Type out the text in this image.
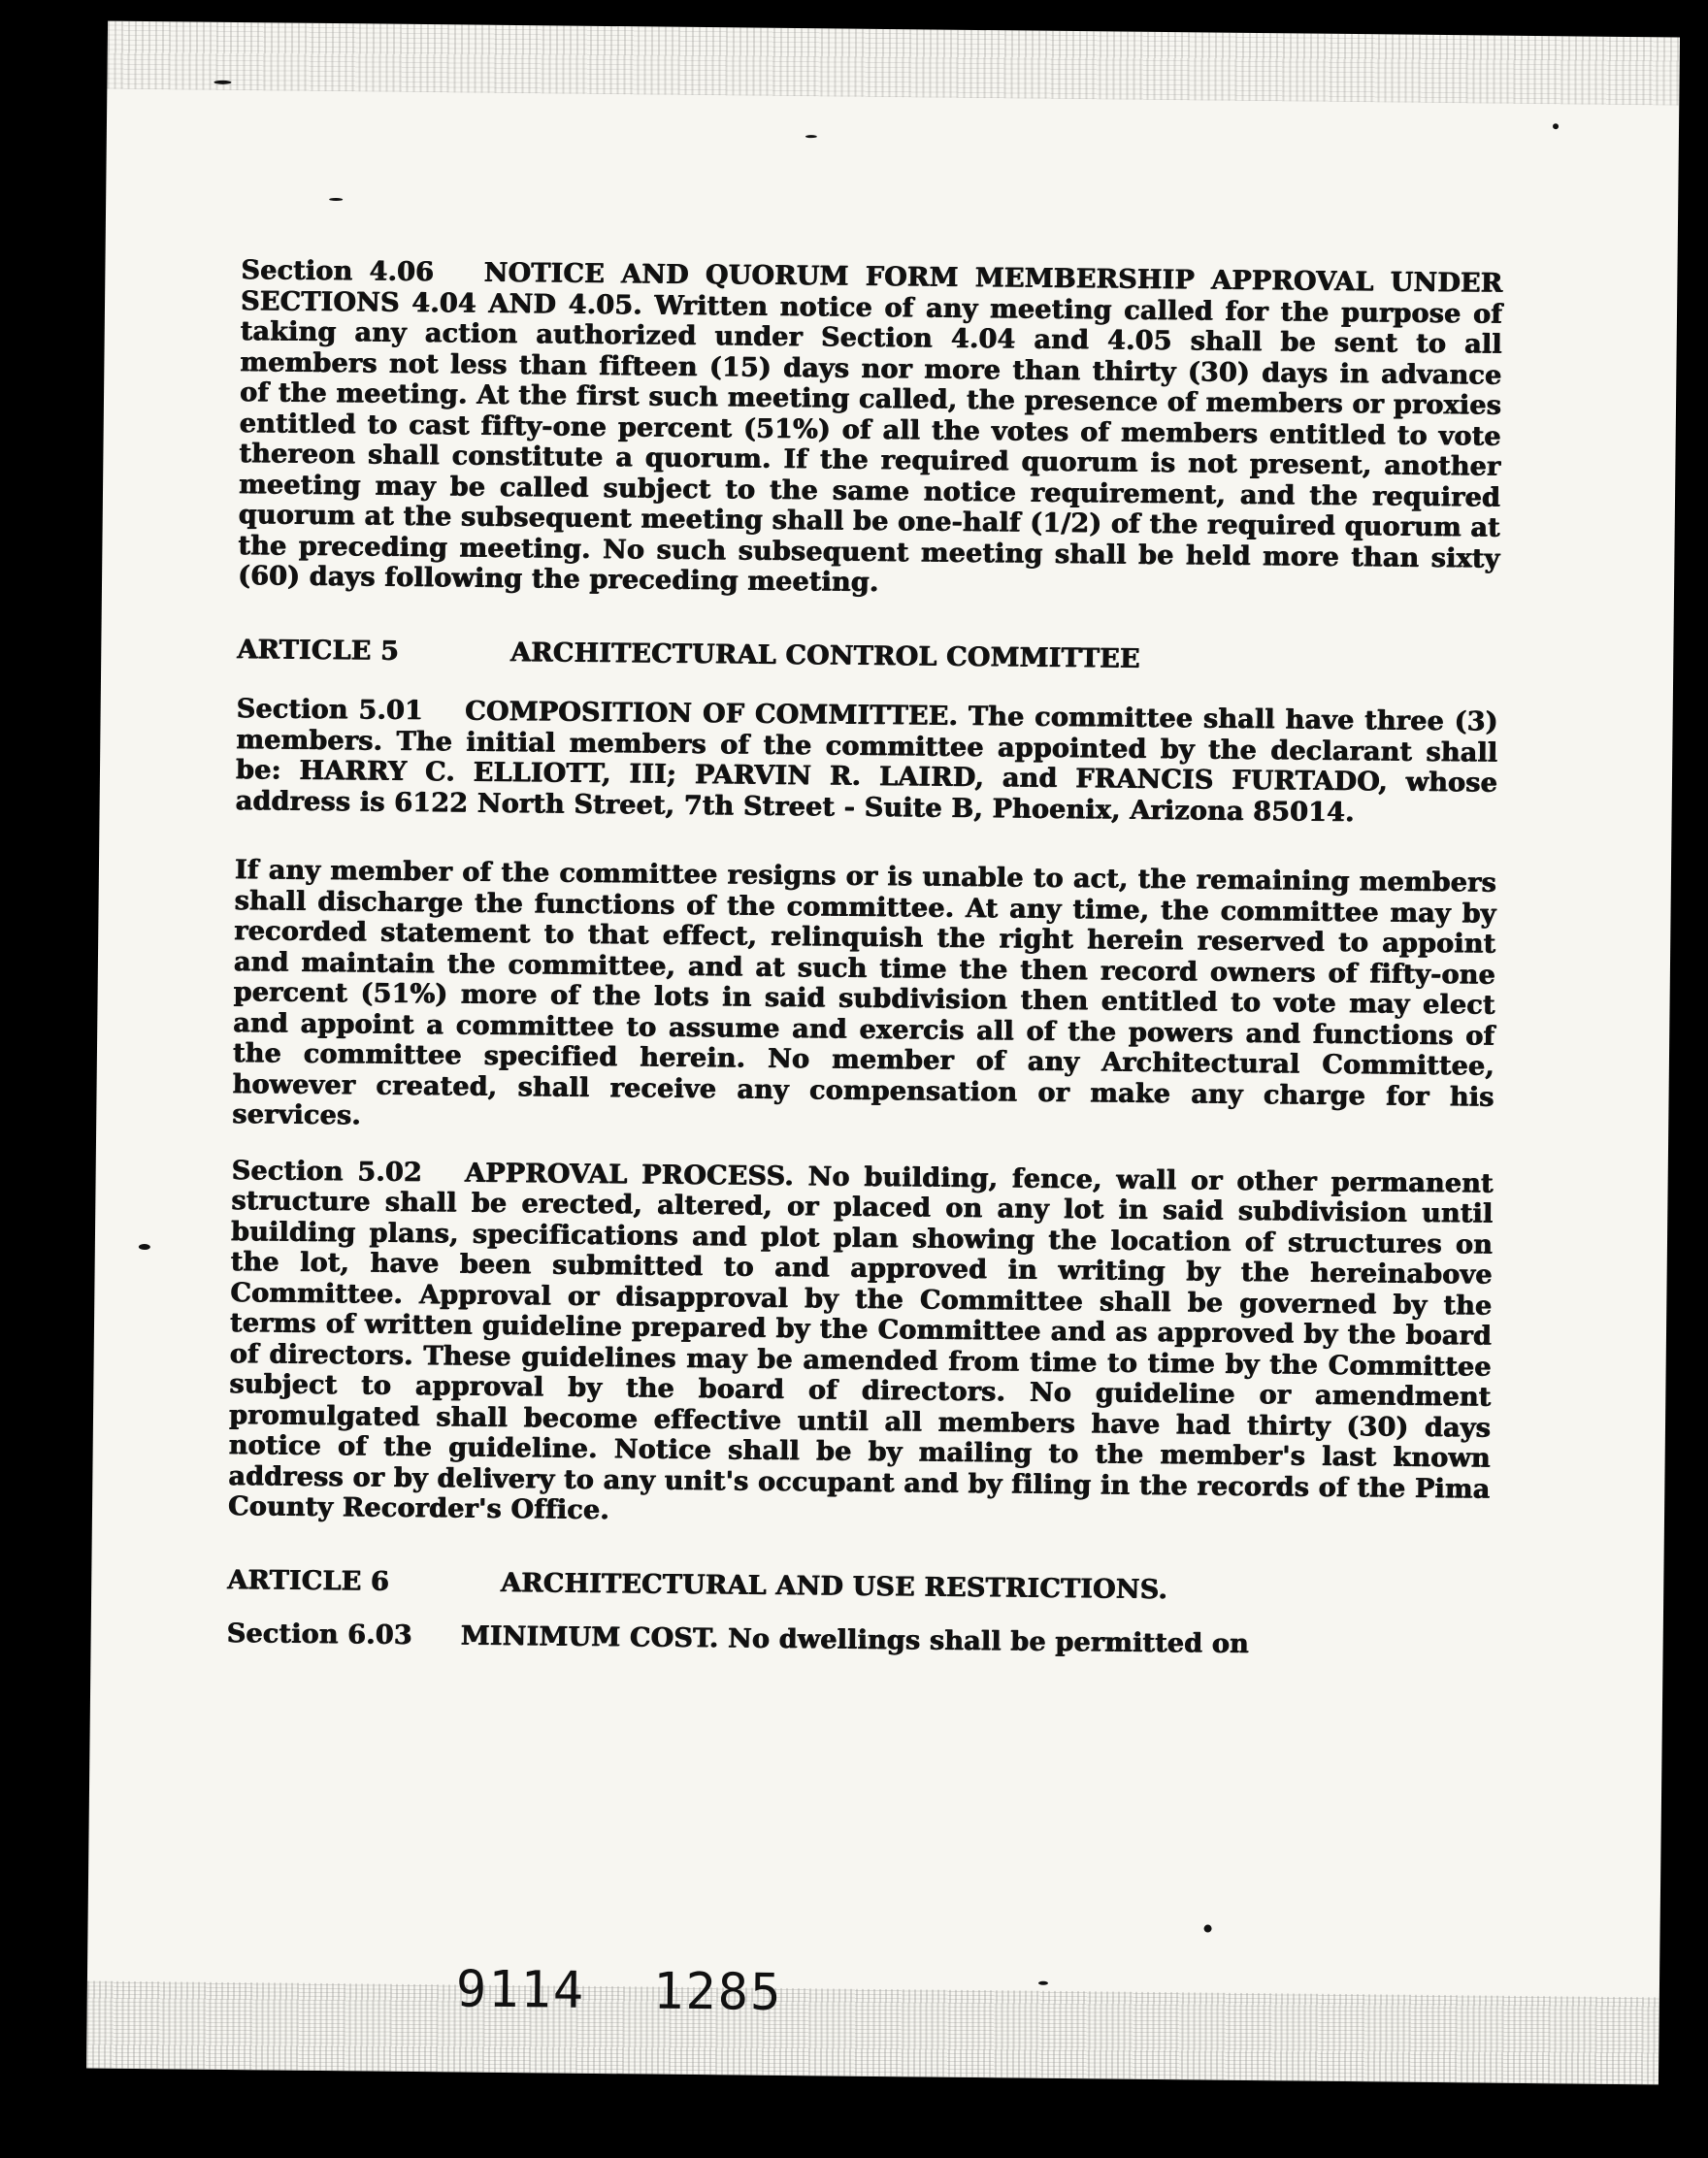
Section 4.06 NOTICE AND QUORUM FORM MEMBERSHIP APPROVAL UNDER SECTIONS 4.04 AND 4.05. Written notice of any meeting called for the purpose of taking any action authorized under Section 4.04 and 4.05 shall be sent to all members not less than fifteen (15) days nor more than thirty (30) days in advance of the meeting. At the first such meeting called, the presence of members or proxies entitled to cast fifty-one percent (51%) of all the votes of members entitled to vote thereon shall constitute a quorum. If the required quorum is not present, another meeting may be called subject to the same notice requirement, and the required quorum at the subsequent meeting shall be one-half (1/2) of the required quorum at the preceding meeting. No such subsequent meeting shall be held more than sixty (60) days following the preceding meeting.

ARTICLE 5	ARCHITECTURAL CONTROL COMMITTEE

Section 5.01 COMPOSITION OF COMMITTEE. The committee shall have three (3) members. The initial members of the committee appointed by the declarant shall be: HARRY C. ELLIOTT, III; PARVIN R. LAIRD, and FRANCIS FURTADO, whose address is 6122 North Street, 7th Street - Suite B, Phoenix, Arizona 85014.

If any member of the committee resigns or is unable to act, the remaining members shall discharge the functions of the committee. At any time, the committee may by recorded statement to that effect, relinquish the right herein reserved to appoint and maintain the committee, and at such time the then record owners of fifty-one percent (51%) more of the lots in said subdivision then entitled to vote may elect and appoint a committee to assume and exercis all of the powers and functions of the committee specified herein. No member of any Architectural Committee, however created, shall receive any compensation or make any charge for his services.

Section 5.02 APPROVAL PROCESS. No building, fence, wall or other permanent structure shall be erected, altered, or placed on any lot in said subdivision until building plans, specifications and plot plan showing the location of structures on the lot, have been submitted to and approved in writing by the hereinabove Committee. Approval or disapproval by the Committee shall be governed by the terms of written guideline prepared by the Committee and as approved by the board of directors. These guidelines may be amended from time to time by the Committee subject to approval by the board of directors. No guideline or amendment promulgated shall become effective until all members have had thirty (30) days notice of the guideline. Notice shall be by mailing to the member's last known address or by delivery to any unit's occupant and by filing in the records of the Pima County Recorder's Office.

ARTICLE 6	ARCHITECTURAL AND USE RESTRICTIONS.
Section 6.03 MINIMUM COST. No dwellings shall be permitted on
9114 1285
